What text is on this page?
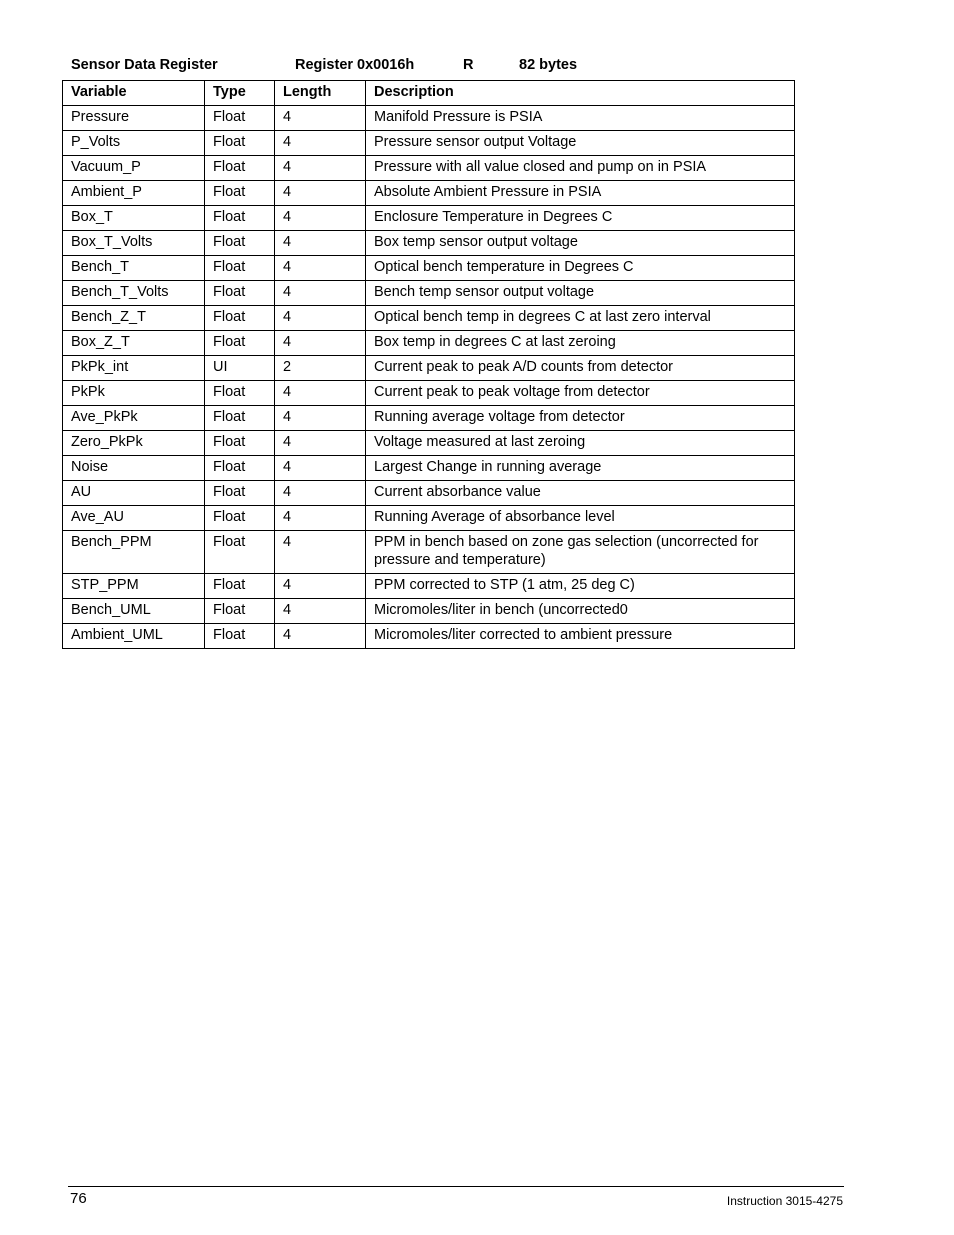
Sensor Data Register	Register 0x0016h	R	82 bytes
Variable	Type	Length	Description
Pressure	Float	4	Manifold Pressure is PSIA
P_Volts	Float	4	Pressure sensor output Voltage
Vacuum_P	Float	4	Pressure with all value closed and pump on in PSIA
Ambient_P	Float	4	Absolute Ambient Pressure in PSIA
Box_T	Float	4	Enclosure Temperature in Degrees C
Box_T_Volts	Float	4	Box temp sensor output voltage
Bench_T	Float	4	Optical bench temperature in Degrees C
Bench_T_Volts	Float	4	Bench temp sensor output voltage
Bench_Z_T	Float	4	Optical bench temp in degrees C at last zero interval
Box_Z_T	Float	4	Box temp in degrees C at last zeroing
PkPk_int	UI	2	Current peak to peak A/D counts from detector
PkPk	Float	4	Current peak to peak voltage from detector
Ave_PkPk	Float	4	Running average voltage from detector
Zero_PkPk	Float	4	Voltage measured at last zeroing
Noise	Float	4	Largest Change in running average
AU	Float	4	Current absorbance value
Ave_AU	Float	4	Running Average of absorbance level
Bench_PPM	Float	4	PPM in bench based on zone gas selection (uncorrected for pressure and temperature)
STP_PPM	Float	4	PPM corrected to STP (1 atm, 25 deg C)
Bench_UML	Float	4	Micromoles/liter in bench (uncorrected0
Ambient_UML	Float	4	Micromoles/liter corrected to ambient pressure
76	Instruction 3015-4275
